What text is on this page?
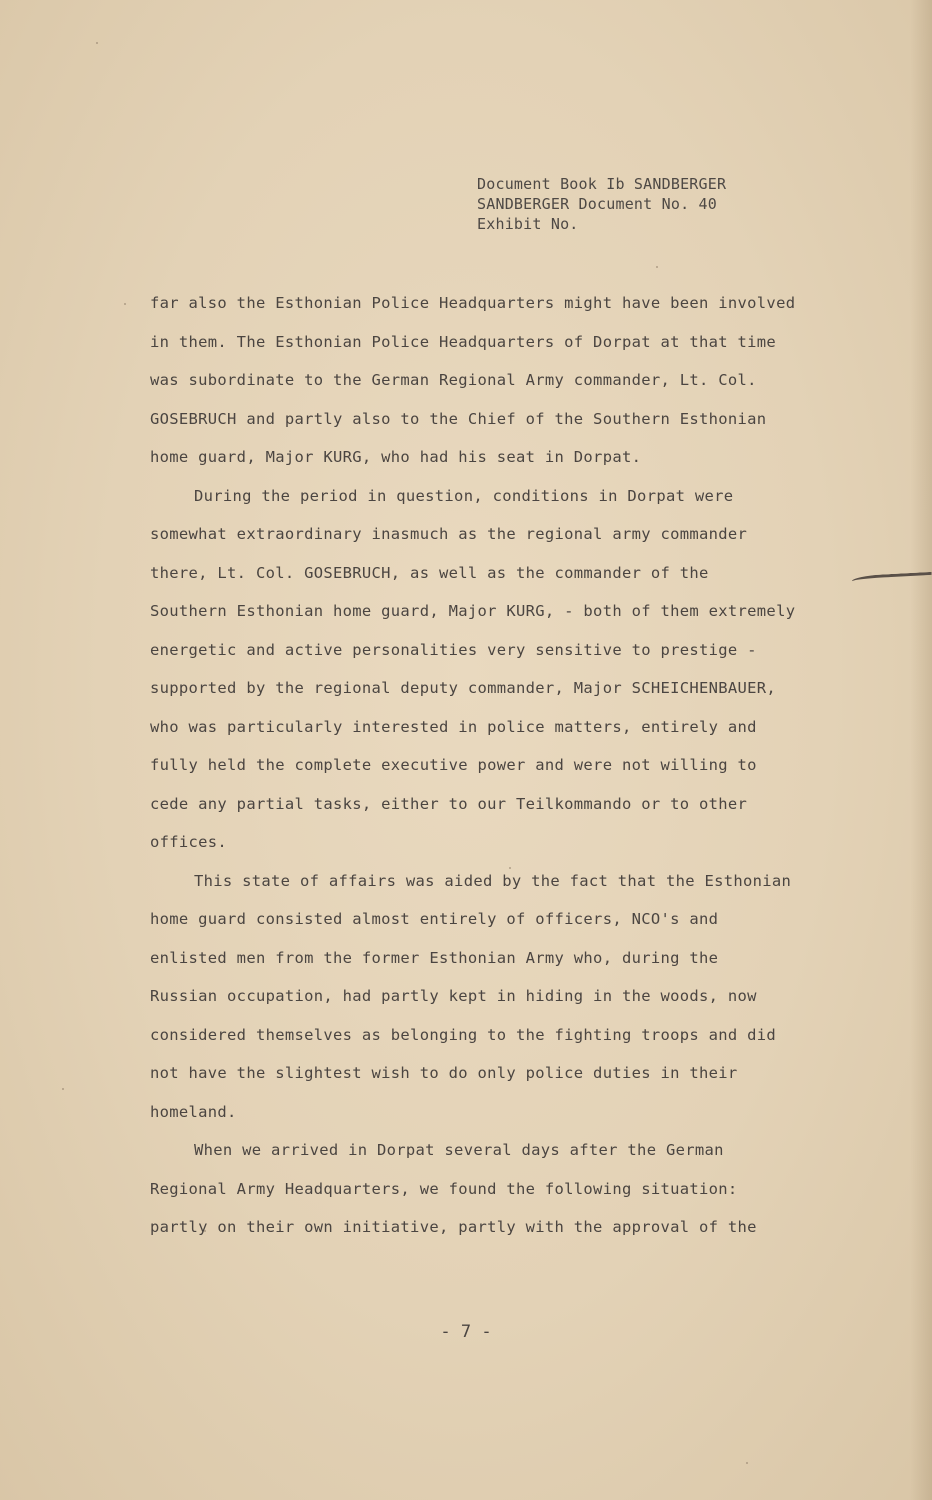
Document Book Ib SANDBERGER
SANDBERGER Document No. 40
Exhibit No.
far also the Esthonian Police Headquarters might have been involved
in them. The Esthonian Police Headquarters of Dorpat at that time
was subordinate to the German Regional Army commander, Lt. Col.
GOSEBRUCH and partly also to the Chief of the Southern Esthonian
home guard, Major KURG, who had his seat in Dorpat.
During the period in question, conditions in Dorpat were
somewhat extraordinary inasmuch as the regional army commander
there, Lt. Col. GOSEBRUCH, as well as the commander of the
Southern Esthonian home guard, Major KURG, - both of them extremely
energetic and active personalities very sensitive to prestige -
supported by the regional deputy commander, Major SCHEICHENBAUER,
who was particularly interested in police matters, entirely and
fully held the complete executive power and were not willing to
cede any partial tasks, either to our Teilkommando or to other
offices.
This state of affairs was aided by the fact that the Esthonian
home guard consisted almost entirely of officers, NCO's and
enlisted men from the former Esthonian Army who, during the
Russian occupation, had partly kept in hiding in the woods, now
considered themselves as belonging to the fighting troops and did
not have the slightest wish to do only police duties in their
homeland.
When we arrived in Dorpat several days after the German
Regional Army Headquarters, we found the following situation:
partly on their own initiative, partly with the approval of the
- 7 -
